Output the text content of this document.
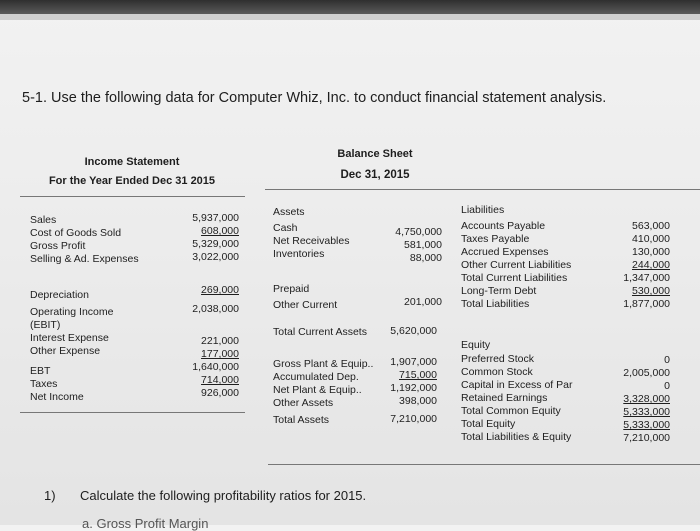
5-1. Use the following data for Computer Whiz, Inc. to conduct financial statement analysis.
Income Statement
For the Year Ended Dec 31 2015
Balance Sheet
Dec 31, 2015
Sales
Cost of Goods Sold
Gross Profit
Selling & Ad. Expenses
Depreciation
Operating Income
(EBIT)
Interest Expense
Other Expense
EBT
Taxes
Net Income
5,937,000
608,000
5,329,000
3,022,000
269,000
2,038,000
221,000
177,000
1,640,000
714,000
926,000
Assets
Cash
Net Receivables
Inventories
Prepaid
Other Current
Total Current Assets
Gross Plant & Equip..
Accumulated Dep.
Net Plant & Equip..
Other Assets
Total Assets
4,750,000
581,000
88,000
201,000
5,620,000
1,907,000
715,000
1,192,000
398,000
7,210,000
Liabilities
Accounts Payable
Taxes Payable
Accrued Expenses
Other Current Liabilities
Total Current Liabilities
Long-Term Debt
Total Liabilities
563,000
410,000
130,000
244,000
1,347,000
530,000
1,877,000
Equity
Preferred Stock
Common Stock
Capital in Excess of Par
Retained Earnings
Total Common Equity
Total Equity
Total Liabilities & Equity
0
2,005,000
0
3,328,000
5,333,000
5,333,000
7,210,000
1) Calculate the following profitability ratios for 2015.
a. Gross Profit Margin
